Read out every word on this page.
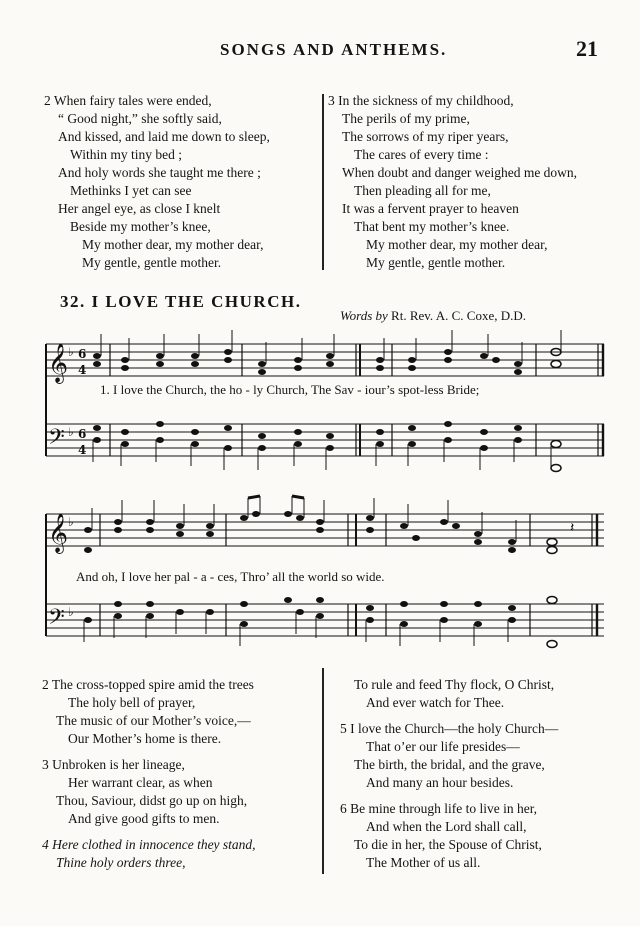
SONGS AND ANTHEMS.	21
2 When fairy tales were ended,
“ Good night,” she softly said,
And kissed, and laid me down to sleep,
Within my tiny bed ;
And holy words she taught me there ;
Methinks I yet can see
Her angel eye, as close I knelt
Beside my mother’s knee,
My mother dear, my mother dear,
My gentle, gentle mother.
3 In the sickness of my childhood,
The perils of my prime,
The sorrows of my riper years,
The cares of every time :
When doubt and danger weighed me down,
Then pleading all for me,
It was a fervent prayer to heaven
That bent my mother’s knee.
My mother dear, my mother dear,
My gentle, gentle mother.
32. I LOVE THE CHURCH.
Words by Rt. Rev. A. C. Coxe, D.D.
𝄞
𝄢
♭
♭
6
4
6
4
1. I love the Church, the ho - ly Church, The Sav - iour’s spot-less Bride;
𝄞
𝄢
♭
♭
𝄽
And oh, I love her pal - a - ces, Thro’ all the world so wide.
2 The cross-topped spire amid the trees
The holy bell of prayer,
The music of our Mother’s voice,—
Our Mother’s home is there.
3 Unbroken is her lineage,
Her warrant clear, as when
Thou, Saviour, didst go up on high,
And give good gifts to men.
4 Here clothed in innocence they stand,
Thine holy orders three,
To rule and feed Thy flock, O Christ,
And ever watch for Thee.
5 I love the Church—the holy Church—
That o’er our life presides—
The birth, the bridal, and the grave,
And many an hour besides.
6 Be mine through life to live in her,
And when the Lord shall call,
To die in her, the Spouse of Christ,
The Mother of us all.
